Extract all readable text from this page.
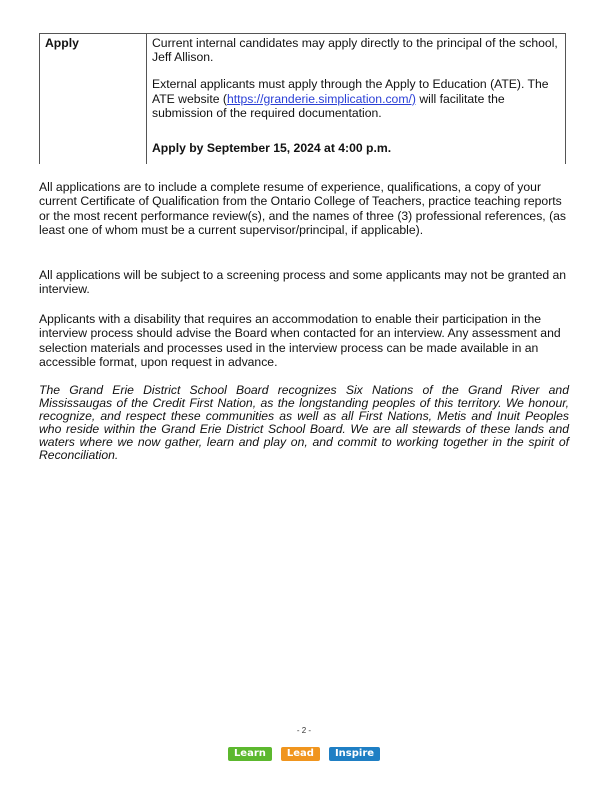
Apply	Current internal candidates may apply directly to the principal of the school, Jeff Allison.

External applicants must apply through the Apply to Education (ATE). The ATE website (https://granderie.simplication.com/) will facilitate the submission of the required documentation.

Apply by September 15, 2024 at 4:00 p.m.

All applications are to include a complete resume of experience, qualifications, a copy of your current Certificate of Qualification from the Ontario College of Teachers, practice teaching reports or the most recent performance review(s), and the names of three (3) professional references, (as least one of whom must be a current supervisor/principal, if applicable).

All applications will be subject to a screening process and some applicants may not be granted an interview.

Applicants with a disability that requires an accommodation to enable their participation in the interview process should advise the Board when contacted for an interview. Any assessment and selection materials and processes used in the interview process can be made available in an accessible format, upon request in advance.

The Grand Erie District School Board recognizes Six Nations of the Grand River and Mississaugas of the Credit First Nation, as the longstanding peoples of this territory. We honour, recognize, and respect these communities as well as all First Nations, Metis and Inuit Peoples who reside within the Grand Erie District School Board. We are all stewards of these lands and waters where we now gather, learn and play on, and commit to working together in the spirit of Reconciliation.

- 2 -
Learn	Lead	Inspire
